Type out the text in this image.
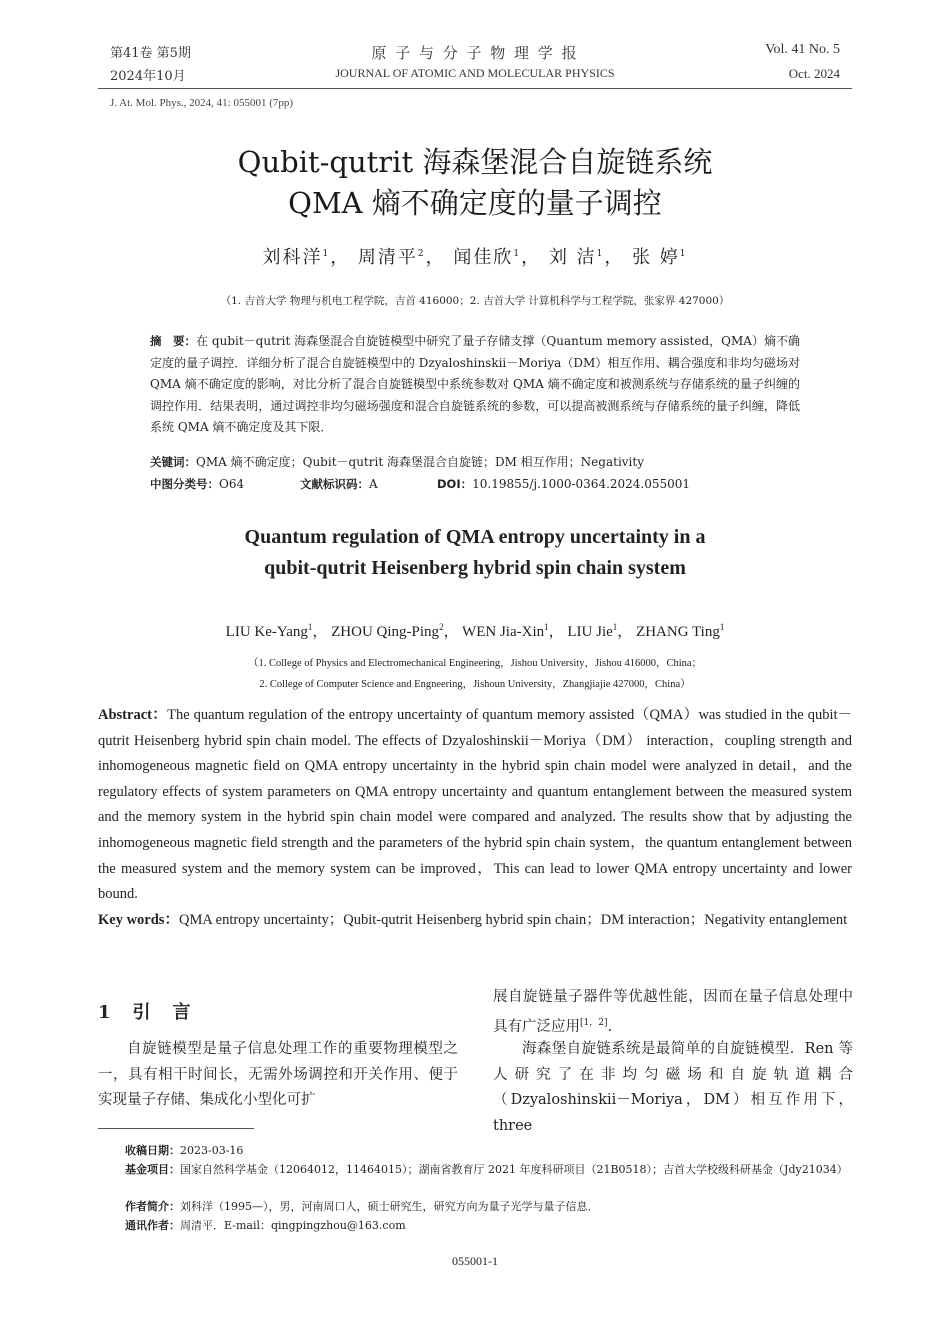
第41卷 第5期
2024年10月
原 子 与 分 子 物 理 学 报
JOURNAL OF ATOMIC AND MOLECULAR PHYSICS
Vol. 41 No. 5
Oct. 2024
J. At. Mol. Phys., 2024, 41: 055001 (7pp)
Qubit-qutrit 海森堡混合自旋链系统
QMA 熵不确定度的量子调控
刘科洋$^1$， 周清平$^2$， 闻佳欣$^1$， 刘 洁$^1$， 张 婷$^1$
（1. 吉首大学 物理与机电工程学院，吉首 416000；2. 吉首大学 计算机科学与工程学院，张家界 427000）
摘　要：在 qubit－qutrit 海森堡混合自旋链模型中研究了量子存储支撑（Quantum memory assisted，QMA）熵不确定度的量子调控．详细分析了混合自旋链模型中的 Dzyaloshinskii－Moriya（DM）相互作用、耦合强度和非均匀磁场对 QMA 熵不确定度的影响，对比分析了混合自旋链模型中系统参数对 QMA 熵不确定度和被测系统与存储系统的量子纠缠的调控作用．结果表明，通过调控非均匀磁场强度和混合自旋链系统的参数，可以提高被测系统与存储系统的量子纠缠，降低系统 QMA 熵不确定度及其下限．
关键词：QMA 熵不确定度；Qubit－qutrit 海森堡混合自旋链；DM 相互作用；Negativity
中图分类号：O64	文献标识码：A	DOI：10.19855/j.1000-0364.2024.055001
Quantum regulation of QMA entropy uncertainty in a
qubit-qutrit Heisenberg hybrid spin chain system
LIU Ke-Yang$^1$， ZHOU Qing-Ping$^2$， WEN Jia-Xin$^1$， LIU Jie$^1$， ZHANG Ting$^1$
（1. College of Physics and Electromechanical Engineering，Jishou University，Jishou 416000，China；
2. College of Computer Science and Engneering，Jishoun University，Zhangjiajie 427000，China）
Abstract：The quantum regulation of the entropy uncertainty of quantum memory assisted（QMA）was studied in the qubit－qutrit Heisenberg hybrid spin chain model. The effects of Dzyaloshinskii－Moriya（DM） interaction，coupling strength and inhomogeneous magnetic field on QMA entropy uncertainty in the hybrid spin chain model were analyzed in detail，and the regulatory effects of system parameters on QMA entropy uncertainty and quantum entanglement between the measured system and the memory system in the hybrid spin chain model were compared and analyzed. The results show that by adjusting the inhomogeneous magnetic field strength and the parameters of the hybrid spin chain system，the quantum entanglement between the measured system and the memory system can be improved，This can lead to lower QMA entropy uncertainty and lower bound.
Key words：QMA entropy uncertainty；Qubit-qutrit Heisenberg hybrid spin chain；DM interaction；Negativity entanglement
1　引　言
自旋链模型是量子信息处理工作的重要物理模型之一，具有相干时间长，无需外场调控和开关作用、便于实现量子存储、集成化小型化可扩
展自旋链量子器件等优越性能，因而在量子信息处理中具有广泛应用[1，2].
海森堡自旋链系统是最简单的自旋链模型．Ren 等人研究了在非均匀磁场和自旋轨道耦合（Dzyaloshinskii－Moriya，DM）相互作用下，three
收稿日期：2023-03-16
基金项目：国家自然科学基金（12064012，11464015）；湖南省教育厅 2021 年度科研项目（21B0518）；吉首大学校级科研基金（Jdy21034）
作者简介：刘科洋（1995—），男，河南周口人，硕士研究生，研究方向为量子光学与量子信息．
通讯作者：周清平．E-mail：qingpingzhou@163.com
055001-1
